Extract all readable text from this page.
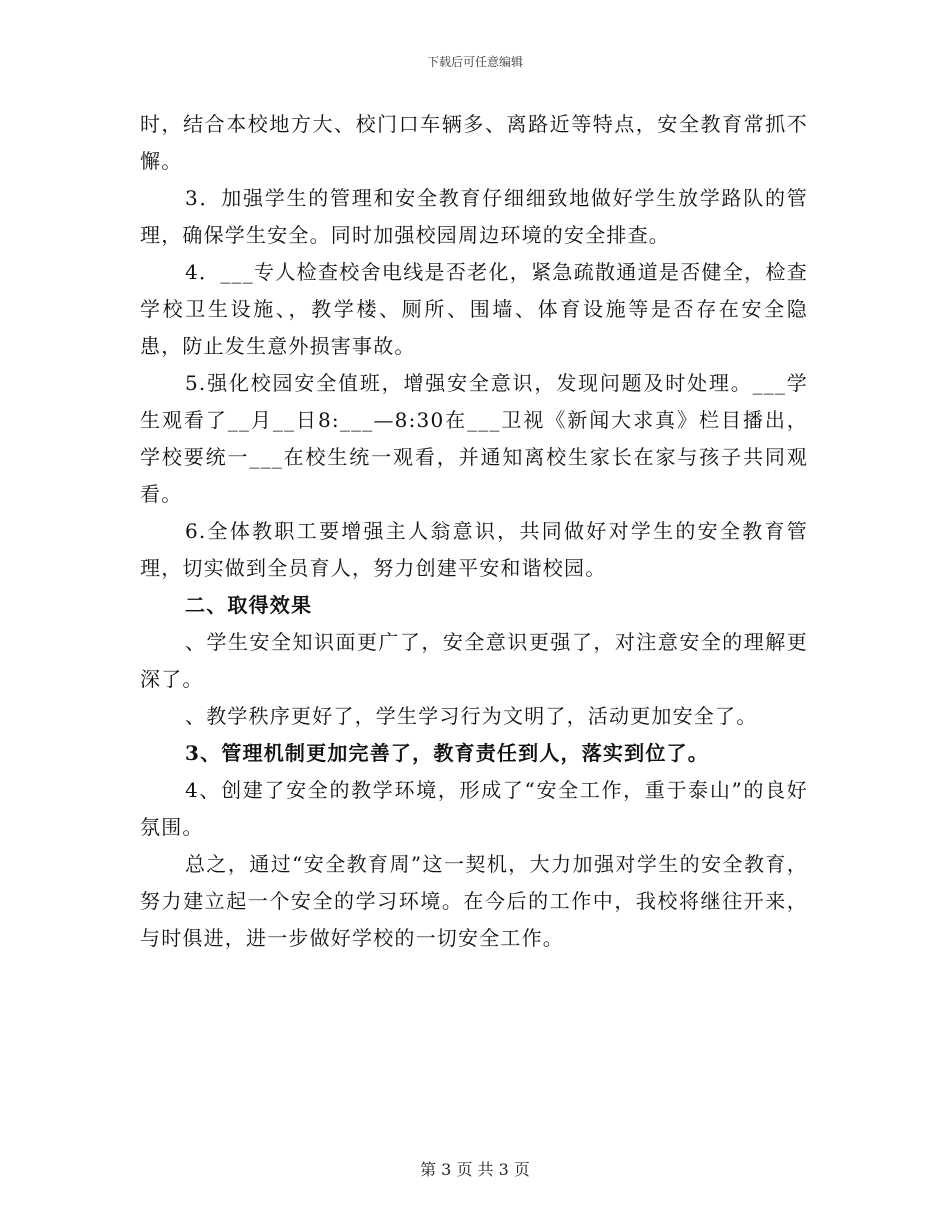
下载后可任意编辑

时，结合本校地方大、校门口车辆多、离路近等特点，安全教育常抓不懈。

3．加强学生的管理和安全教育仔细细致地做好学生放学路队的管理，确保学生安全。同时加强校园周边环境的安全排查。

4．___专人检查校舍电线是否老化，紧急疏散通道是否健全，检查学校卫生设施、，教学楼、厕所、围墙、体育设施等是否存在安全隐患，防止发生意外损害事故。

5.强化校园安全值班，增强安全意识，发现问题及时处理。___学生观看了__月__日8:___—8:30在___卫视《新闻大求真》栏目播出，学校要统一___在校生统一观看，并通知离校生家长在家与孩子共同观看。

6.全体教职工要增强主人翁意识，共同做好对学生的安全教育管理，切实做到全员育人，努力创建平安和谐校园。

二、取得效果

、学生安全知识面更广了，安全意识更强了，对注意安全的理解更深了。

、教学秩序更好了，学生学习行为文明了，活动更加安全了。

3、管理机制更加完善了，教育责任到人，落实到位了。

4、创建了安全的教学环境，形成了“安全工作，重于泰山”的良好氛围。

总之，通过“安全教育周”这一契机，大力加强对学生的安全教育，努力建立起一个安全的学习环境。在今后的工作中，我校将继往开来，与时俱进，进一步做好学校的一切安全工作。

第 3 页 共 3 页
